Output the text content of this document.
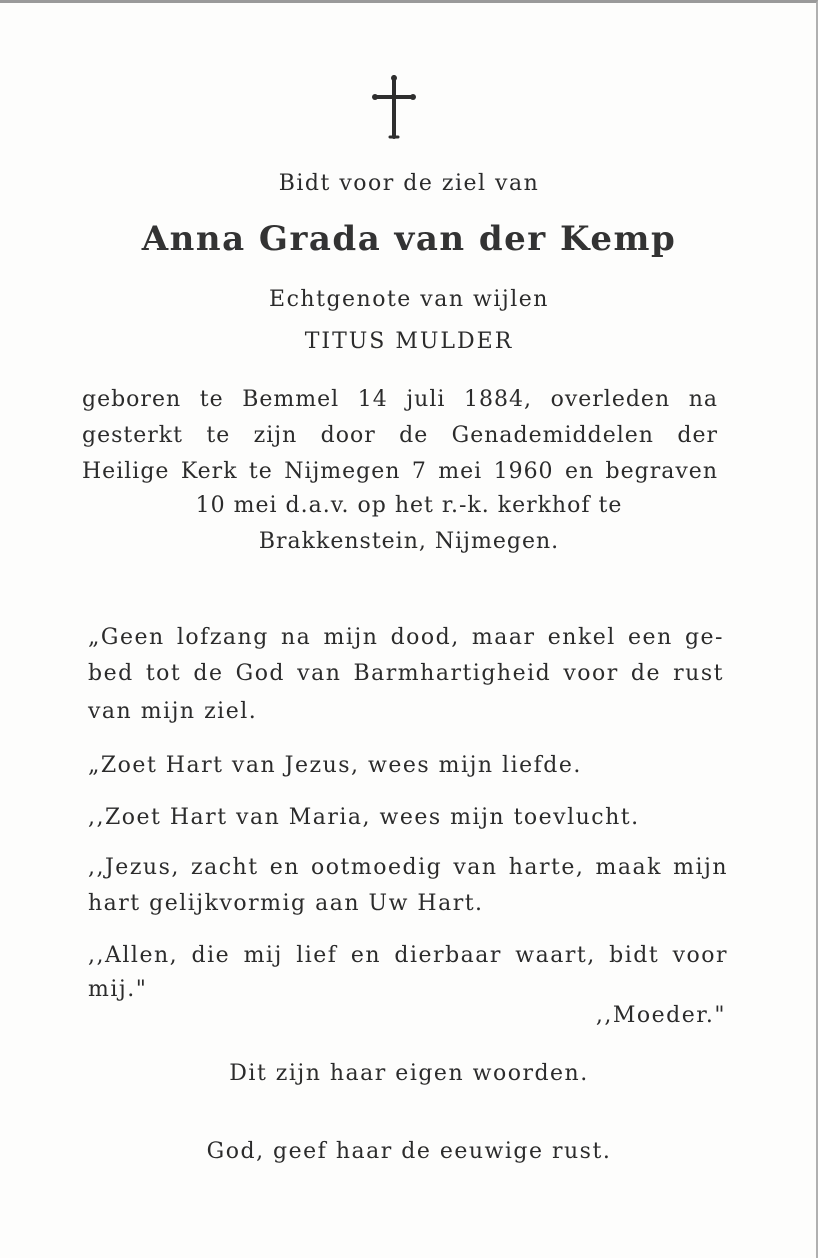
Bidt voor de ziel van
Anna Grada van der Kemp
Echtgenote van wijlen
TITUS MULDER
geboren te Bemmel 14 juli 1884, overleden na
gesterkt te zijn door de Genademiddelen der
Heilige Kerk te Nijmegen 7 mei 1960 en begraven
10 mei d.a.v. op het r.-k. kerkhof te
Brakkenstein, Nijmegen.
„Geen lofzang na mijn dood, maar enkel een ge-
bed tot de God van Barmhartigheid voor de rust
van mijn ziel.
„Zoet Hart van Jezus, wees mijn liefde.
,,Zoet Hart van Maria, wees mijn toevlucht.
,,Jezus, zacht en ootmoedig van harte, maak mijn
hart gelijkvormig aan Uw Hart.
,,Allen, die mij lief en dierbaar waart, bidt voor
mij."
,,Moeder."
Dit zijn haar eigen woorden.
God, geef haar de eeuwige rust.
